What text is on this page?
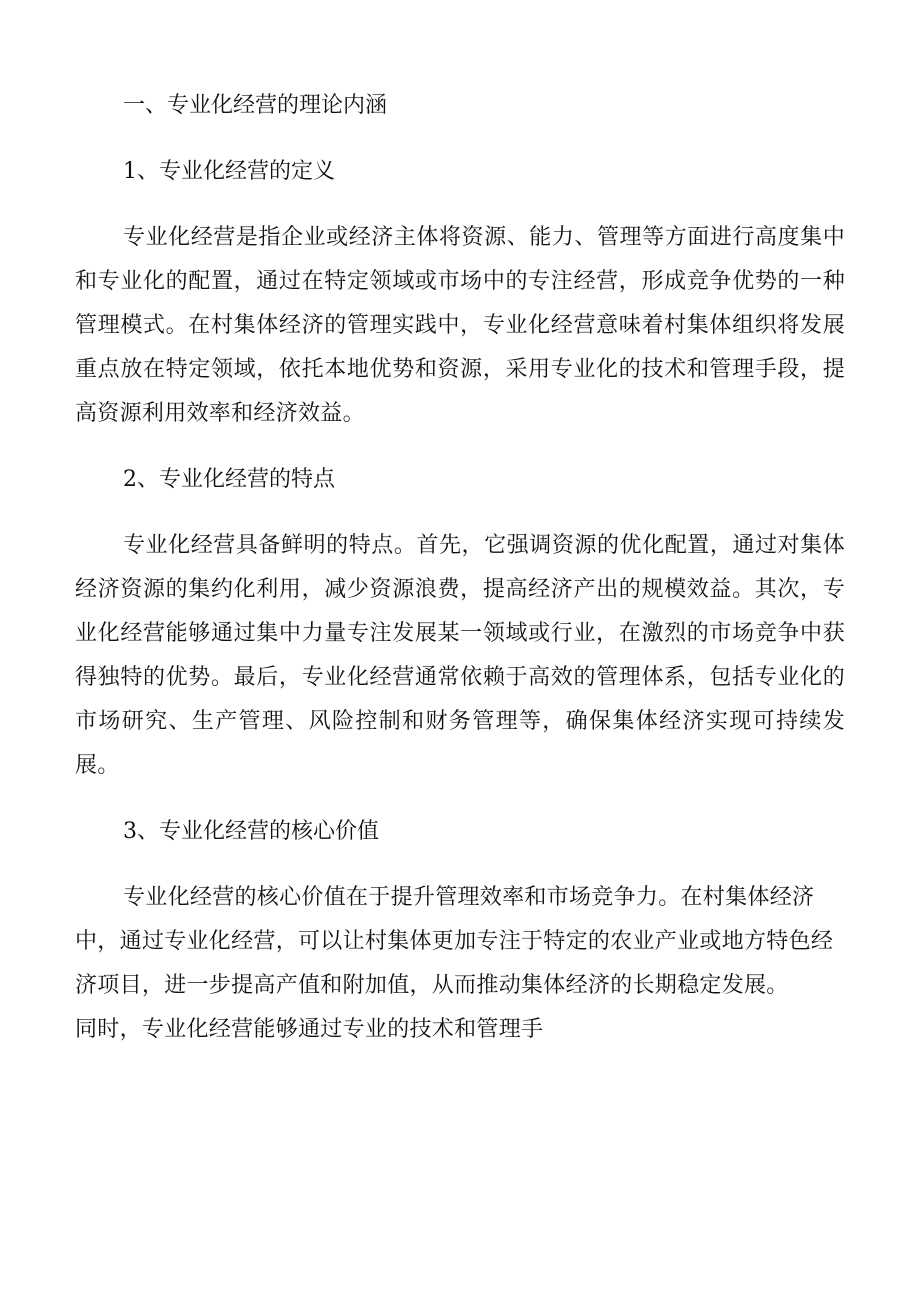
一、专业化经营的理论内涵
1、专业化经营的定义
专业化经营是指企业或经济主体将资源、能力、管理等方面进行高度集中和专业化的配置，通过在特定领域或市场中的专注经营，形成竞争优势的一种管理模式。在村集体经济的管理实践中，专业化经营意味着村集体组织将发展重点放在特定领域，依托本地优势和资源，采用专业化的技术和管理手段，提高资源利用效率和经济效益。
2、专业化经营的特点
专业化经营具备鲜明的特点。首先，它强调资源的优化配置，通过对集体经济资源的集约化利用，减少资源浪费，提高经济产出的规模效益。其次，专业化经营能够通过集中力量专注发展某一领域或行业，在激烈的市场竞争中获得独特的优势。最后，专业化经营通常依赖于高效的管理体系，包括专业化的市场研究、生产管理、风险控制和财务管理等，确保集体经济实现可持续发展。
3、专业化经营的核心价值
专业化经营的核心价值在于提升管理效率和市场竞争力。在村集体经济中，通过专业化经营，可以让村集体更加专注于特定的农业产业或地方特色经济项目，进一步提高产值和附加值，从而推动集体经济的长期稳定发展。
同时，专业化经营能够通过专业的技术和管理手
